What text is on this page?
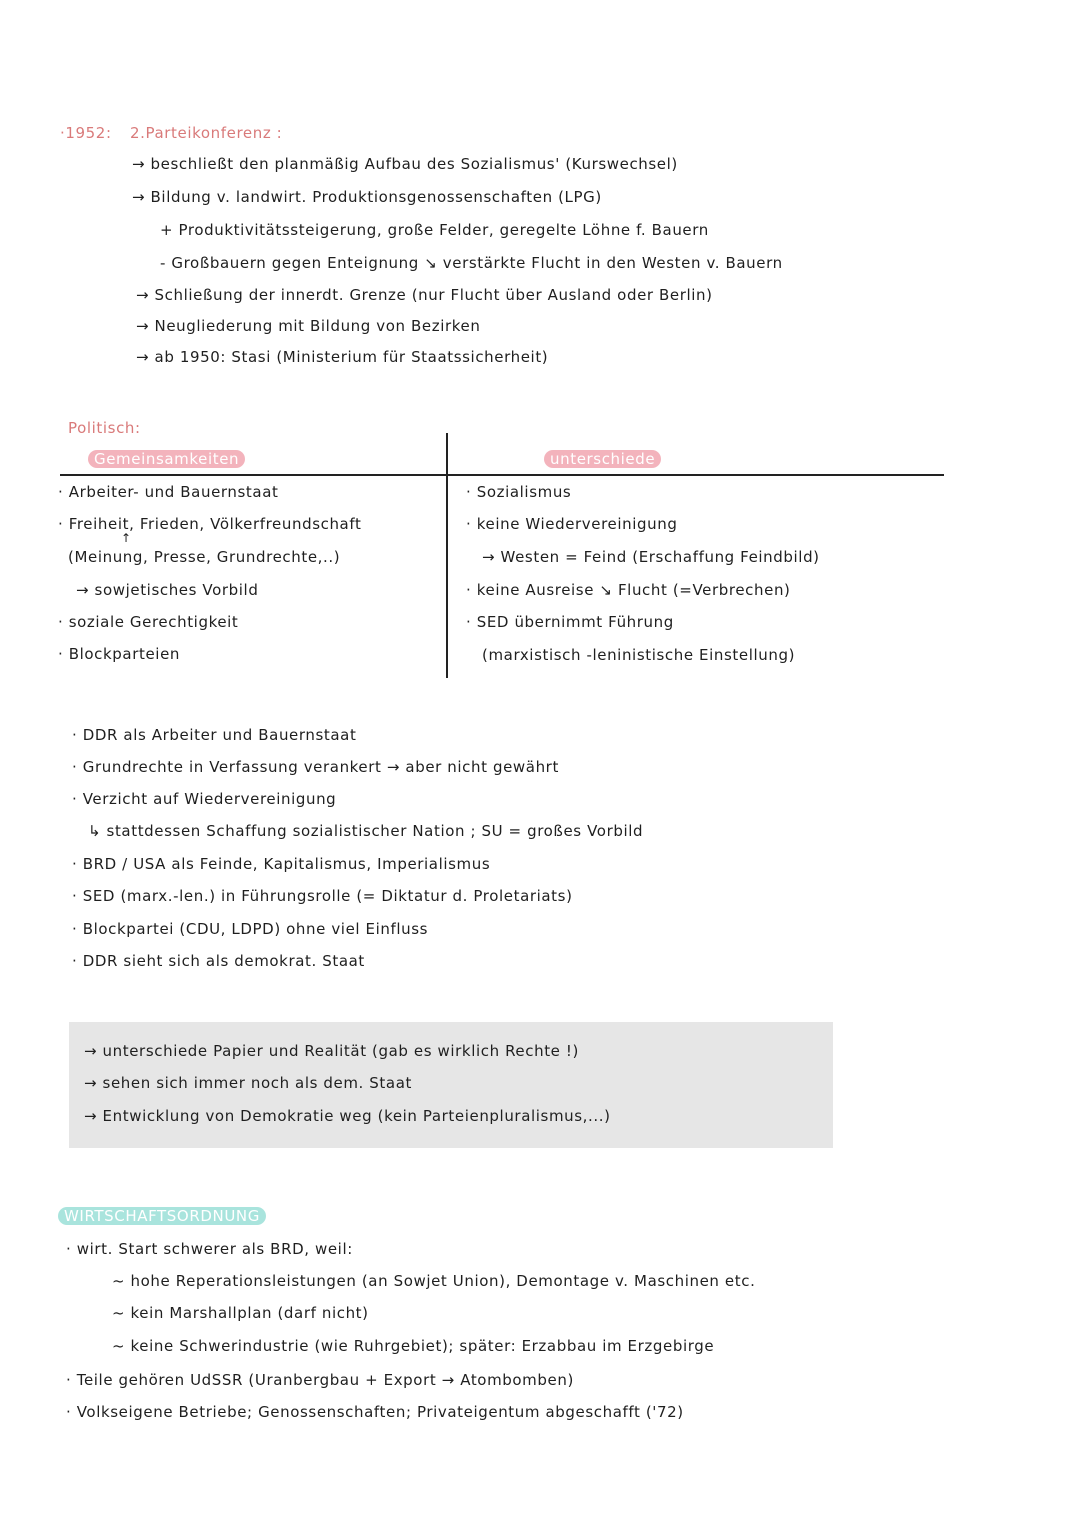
·1952: 2.Parteikonferenz :
→ beschließt den planmäßig Aufbau des Sozialismus' (Kurswechsel)
→ Bildung v. landwirt. Produktionsgenossenschaften (LPG)
+ Produktivitätssteigerung, große Felder, geregelte Löhne f. Bauern
- Großbauern gegen Enteignung ↘ verstärkte Flucht in den Westen v. Bauern
→ Schließung der innerdt. Grenze (nur Flucht über Ausland oder Berlin)
→ Neugliederung mit Bildung von Bezirken
→ ab 1950: Stasi (Ministerium für Staatssicherheit)
Politisch:
Gemeinsamkeiten	unterschiede
· Arbeiter- und Bauernstaat
· Freiheit, Frieden, Völkerfreundschaft
↑
(Meinung, Presse, Grundrechte,..)
→ sowjetisches Vorbild
· soziale Gerechtigkeit
· Blockparteien
· Sozialismus
· keine Wiedervereinigung
→ Westen = Feind (Erschaffung Feindbild)
· keine Ausreise ↘ Flucht (=Verbrechen)
· SED übernimmt Führung
(marxistisch -leninistische Einstellung)
· DDR als Arbeiter und Bauernstaat
· Grundrechte in Verfassung verankert → aber nicht gewährt
· Verzicht auf Wiedervereinigung
↳ stattdessen Schaffung sozialistischer Nation ; SU = großes Vorbild
· BRD / USA als Feinde, Kapitalismus, Imperialismus
· SED (marx.-len.) in Führungsrolle (= Diktatur d. Proletariats)
· Blockpartei (CDU, LDPD) ohne viel Einfluss
· DDR sieht sich als demokrat. Staat
→ unterschiede Papier und Realität (gab es wirklich Rechte !)
→ sehen sich immer noch als dem. Staat
→ Entwicklung von Demokratie weg (kein Parteienpluralismus,...)
WIRTSCHAFTSORDNUNG
· wirt. Start schwerer als BRD, weil:
~ hohe Reperationsleistungen (an Sowjet Union), Demontage v. Maschinen etc.
~ kein Marshallplan (darf nicht)
~ keine Schwerindustrie (wie Ruhrgebiet); später: Erzabbau im Erzgebirge
· Teile gehören UdSSR (Uranbergbau + Export → Atombomben)
· Volkseigene Betriebe; Genossenschaften; Privateigentum abgeschafft ('72)
